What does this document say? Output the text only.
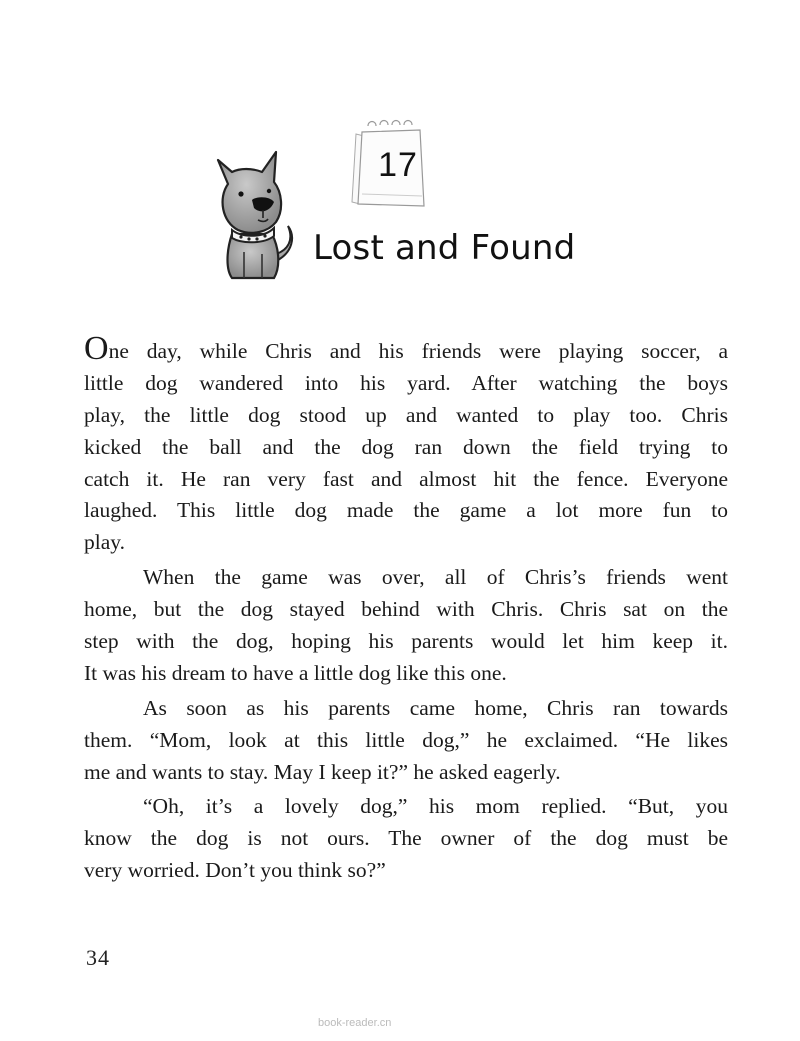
17
Lost and Found
One day, while Chris and his friends were playing soccer, a
little dog wandered into his yard. After watching the boys
play, the little dog stood up and wanted to play too. Chris
kicked the ball and the dog ran down the field trying to
catch it. He ran very fast and almost hit the fence. Everyone
laughed. This little dog made the game a lot more fun to
play.
When the game was over, all of Chris’s friends went
home, but the dog stayed behind with Chris. Chris sat on the
step with the dog, hoping his parents would let him keep it.
It was his dream to have a little dog like this one.
As soon as his parents came home, Chris ran towards
them. “Mom, look at this little dog,” he exclaimed. “He likes
me and wants to stay. May I keep it?” he asked eagerly.
“Oh, it’s a lovely dog,” his mom replied. “But, you
know the dog is not ours. The owner of the dog must be
very worried. Don’t you think so?”
34
book-reader.cn
